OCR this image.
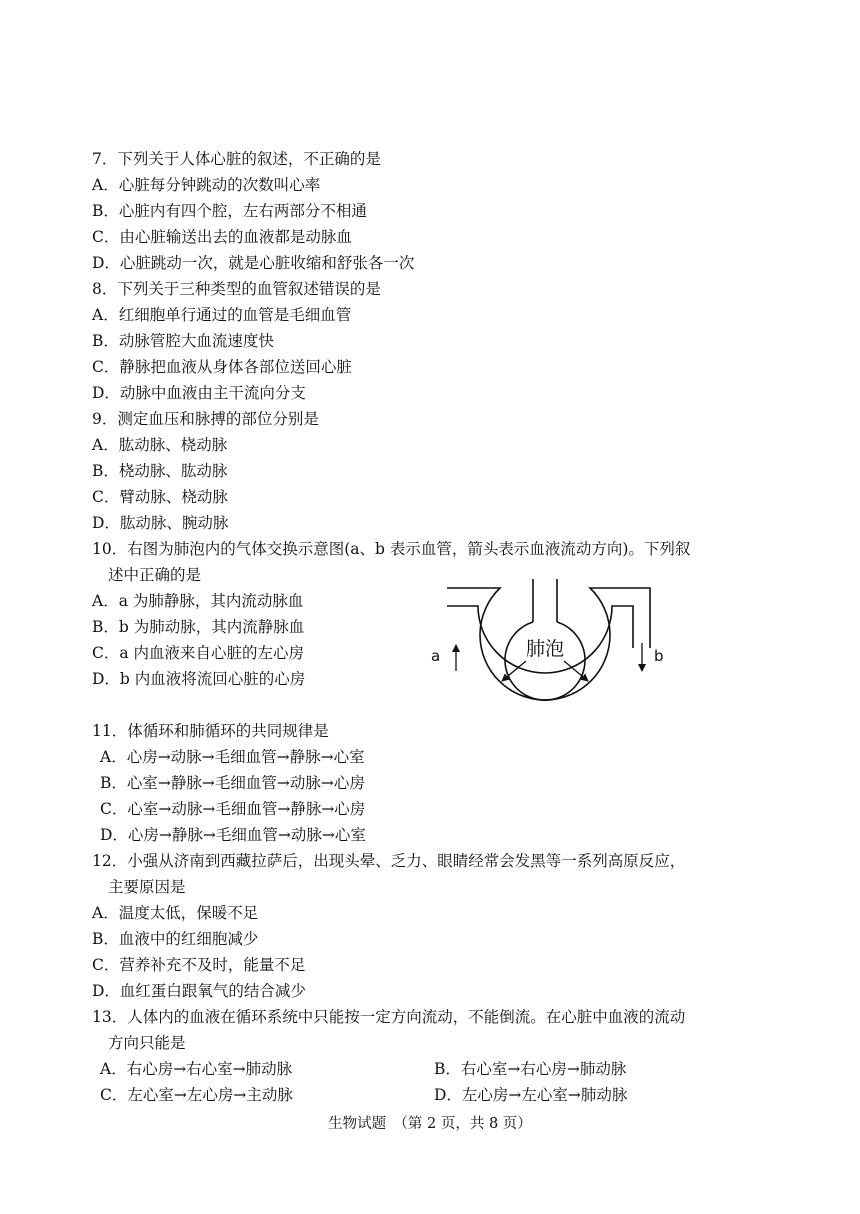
7．下列关于人体心脏的叙述，不正确的是
A．心脏每分钟跳动的次数叫心率
B．心脏内有四个腔，左右两部分不相通
C．由心脏输送出去的血液都是动脉血
D．心脏跳动一次，就是心脏收缩和舒张各一次
8．下列关于三种类型的血管叙述错误的是
A．红细胞单行通过的血管是毛细血管
B．动脉管腔大血流速度快
C．静脉把血液从身体各部位送回心脏
D．动脉中血液由主干流向分支
9．测定血压和脉搏的部位分别是
A．肱动脉、桡动脉
B．桡动脉、肱动脉
C．臂动脉、桡动脉
D．肱动脉、腕动脉
10．右图为肺泡内的气体交换示意图(a、b 表示血管，箭头表示血液流动方向)。下列叙
述中正确的是
A．a 为肺静脉，其内流动脉血
B．b 为肺动脉，其内流静脉血
C．a 内血液来自心脏的左心房
D．b 内血液将流回心脏的心房
肺泡
a	b
11．体循环和肺循环的共同规律是
A．心房→动脉→毛细血管→静脉→心室
B．心室→静脉→毛细血管→动脉→心房
C．心室→动脉→毛细血管→静脉→心房
D．心房→静脉→毛细血管→动脉→心室
12．小强从济南到西藏拉萨后，出现头晕、乏力、眼睛经常会发黑等一系列高原反应，
主要原因是
A．温度太低，保暖不足
B．血液中的红细胞减少
C．营养补充不及时，能量不足
D．血红蛋白跟氧气的结合减少
13．人体内的血液在循环系统中只能按一定方向流动，不能倒流。在心脏中血液的流动
方向只能是
A．右心房→右心室→肺动脉	B．右心室→右心房→肺动脉
C．左心室→左心房→主动脉	D．左心房→左心室→肺动脉
生物试题　（第 2 页，共 8 页）
